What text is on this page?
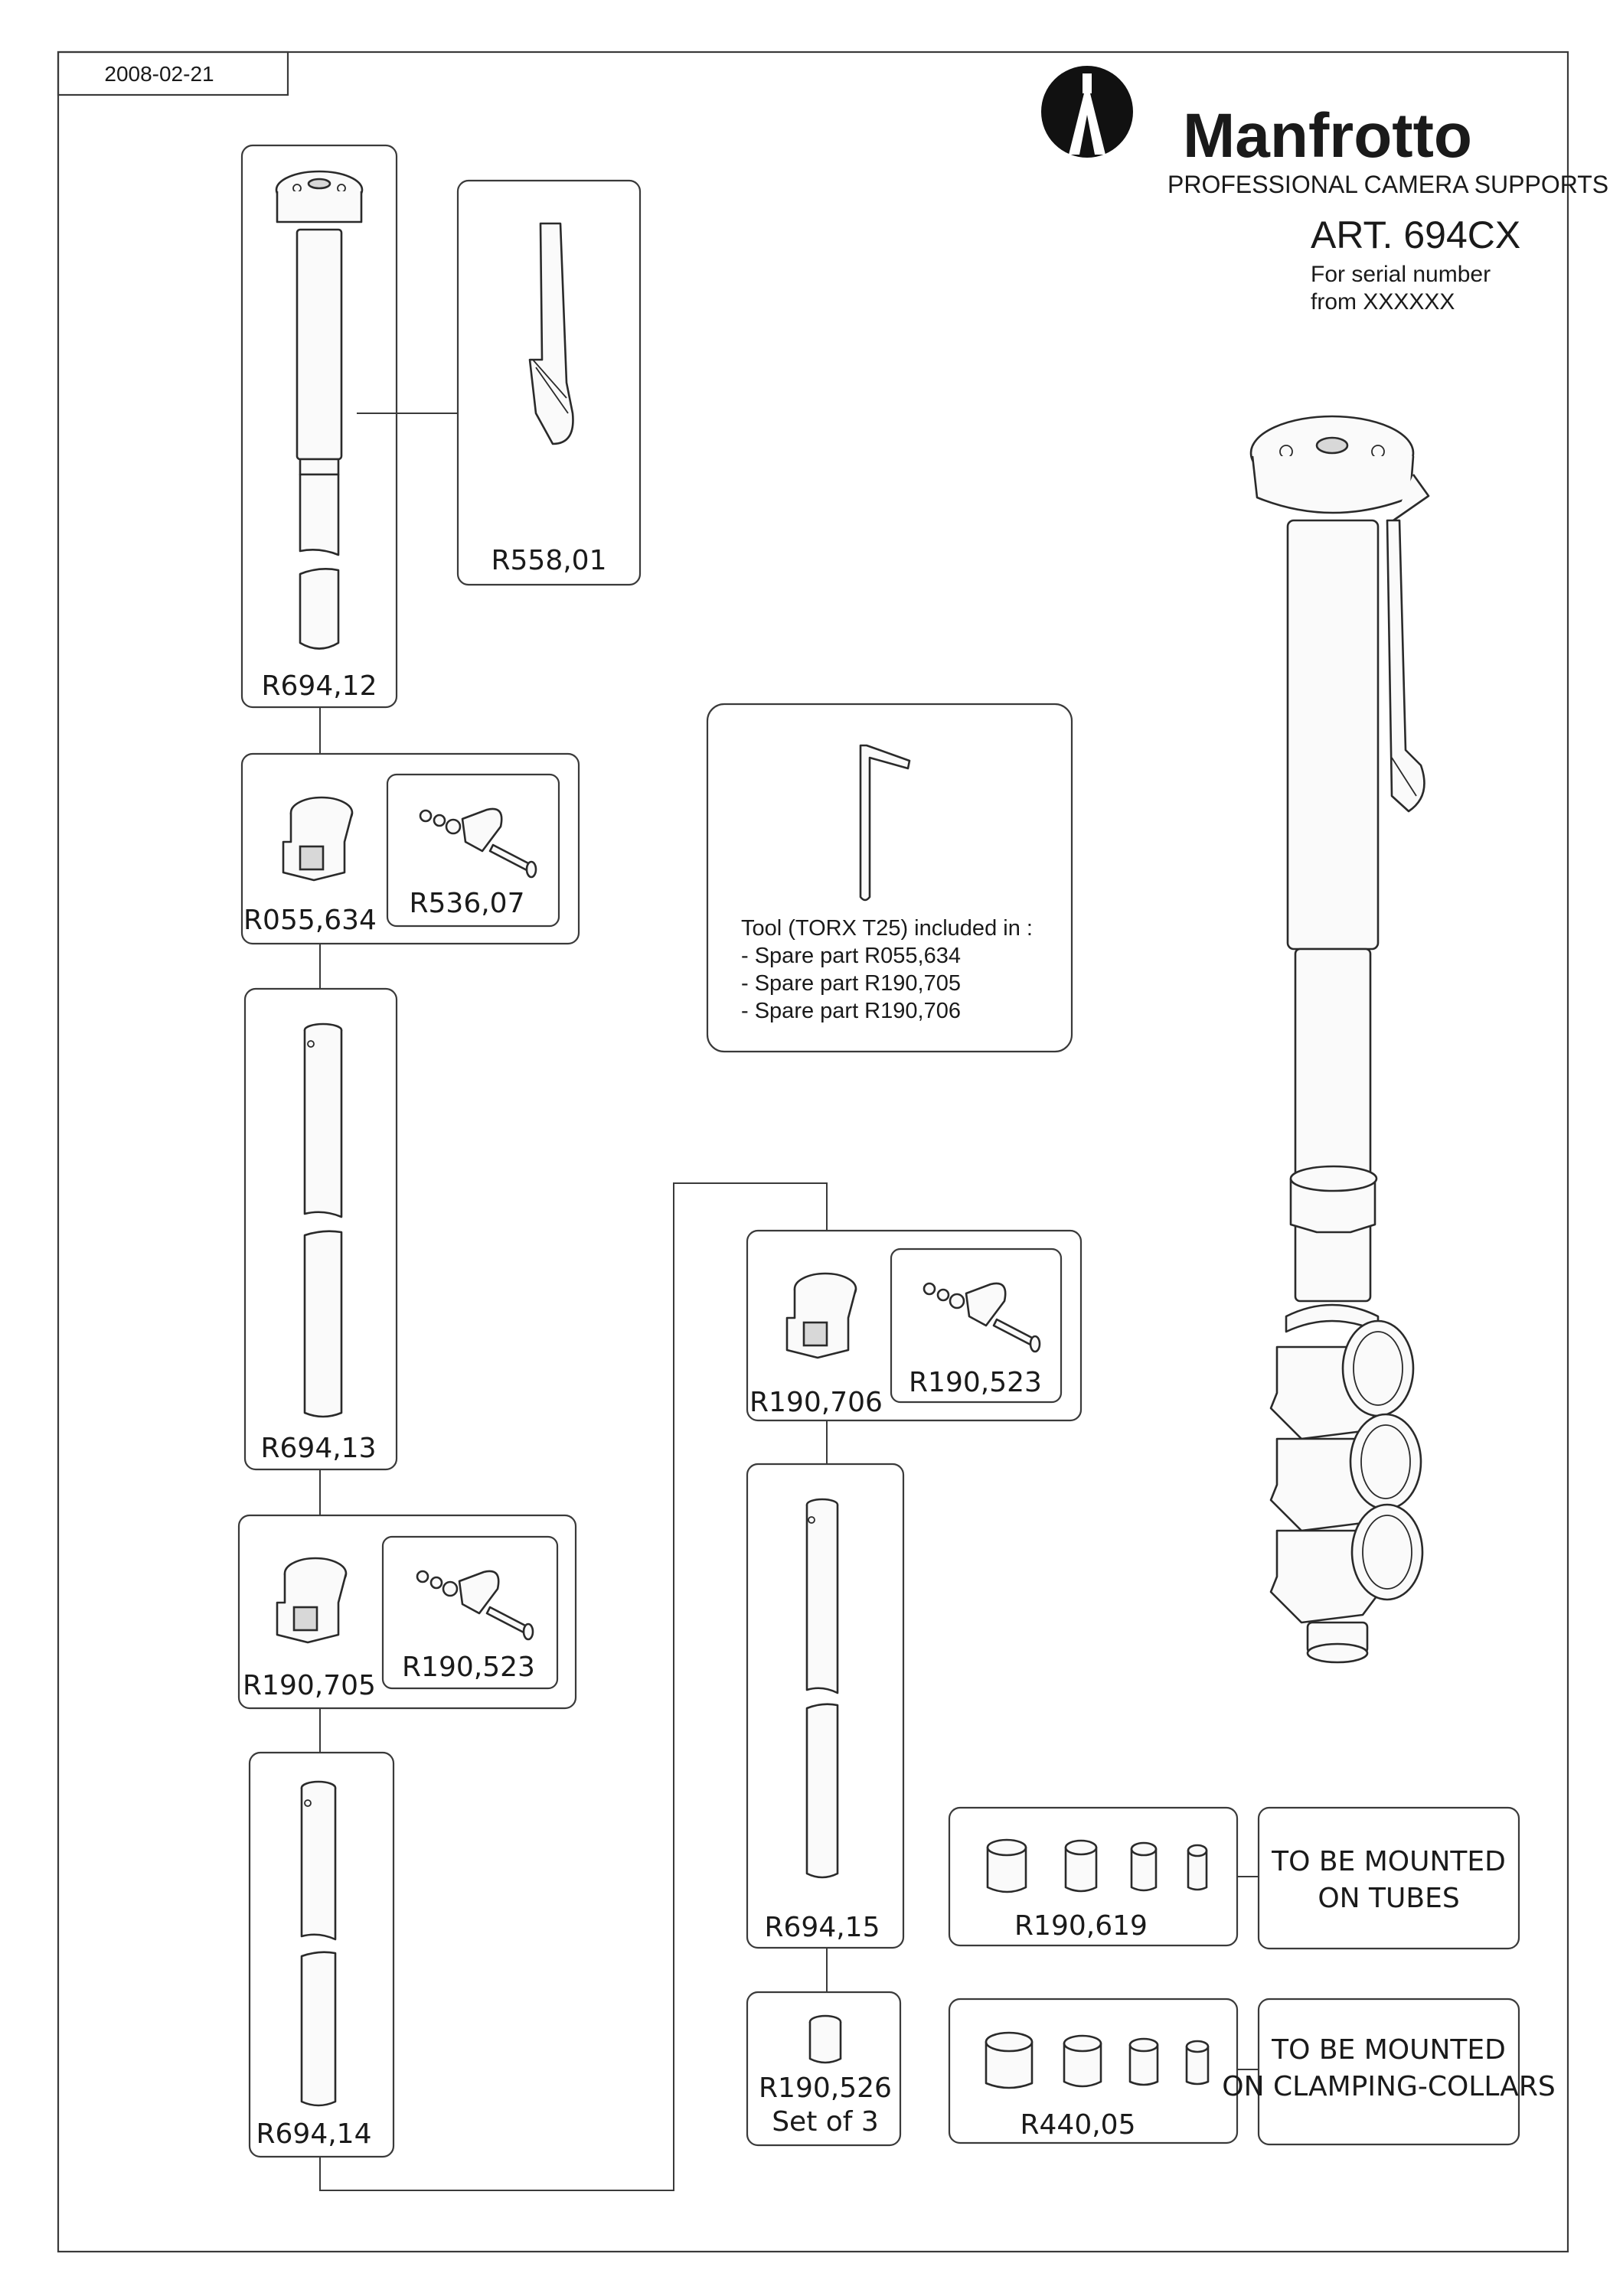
2008-02-21
Manfrotto
PROFESSIONAL CAMERA SUPPORTS
ART. 694CX
For serial number
from XXXXXX
R694,12
R558,01
R055,634
R536,07
Tool (TORX T25) included in :
- Spare part R055,634
- Spare part R190,705
- Spare part R190,706
R694,13
R190,705
R190,523
R694,14
R190,706
R190,523
R694,15
R190,526
Set of 3
R190,619
R440,05
TO BE MOUNTED
ON TUBES
TO BE MOUNTED
ON CLAMPING-COLLARS
